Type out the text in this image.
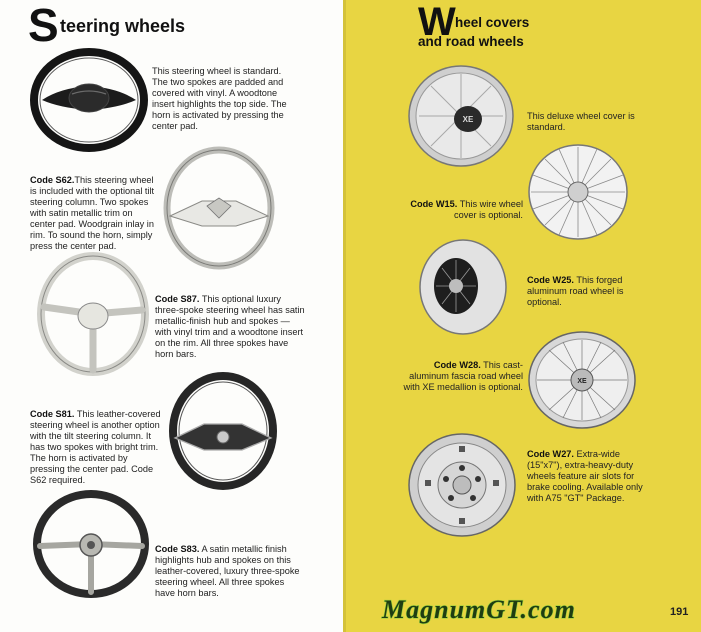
S teering wheels
This steering wheel is standard. The two spokes are padded and covered with vinyl. A woodtone insert highlights the top side. The horn is activated by pressing the center pad.
Code S62.This steering wheel is included with the optional tilt steering column. Two spokes with satin metallic trim on center pad. Woodgrain inlay in rim. To sound the horn, simply press the center pad.
Code S87. This optional luxury three-spoke steering wheel has satin metallic-finish hub and spokes — with vinyl trim and a woodtone insert on the rim. All three spokes have horn bars.
Code S81. This leather-covered steering wheel is another option with the tilt steering column. It has two spokes with bright trim. The horn is activated by pressing the center pad. Code S62 required.
Code S83. A satin metallic finish highlights hub and spokes on this leather-covered, luxury three-spoke steering wheel. All three spokes have horn bars.
W heel covers
and road wheels
XE	This deluxe wheel cover is standard.
Code W15. This wire wheel cover is optional.
Code W25. This forged aluminum road wheel is optional.
XE
Code W28. This cast-aluminum fascia road wheel with XE medallion is optional.
Code W27. Extra-wide (15"x7"), extra-heavy-duty wheels feature air slots for brake cooling. Available only with A75 "GT" Package.
MagnumGT.com	191
